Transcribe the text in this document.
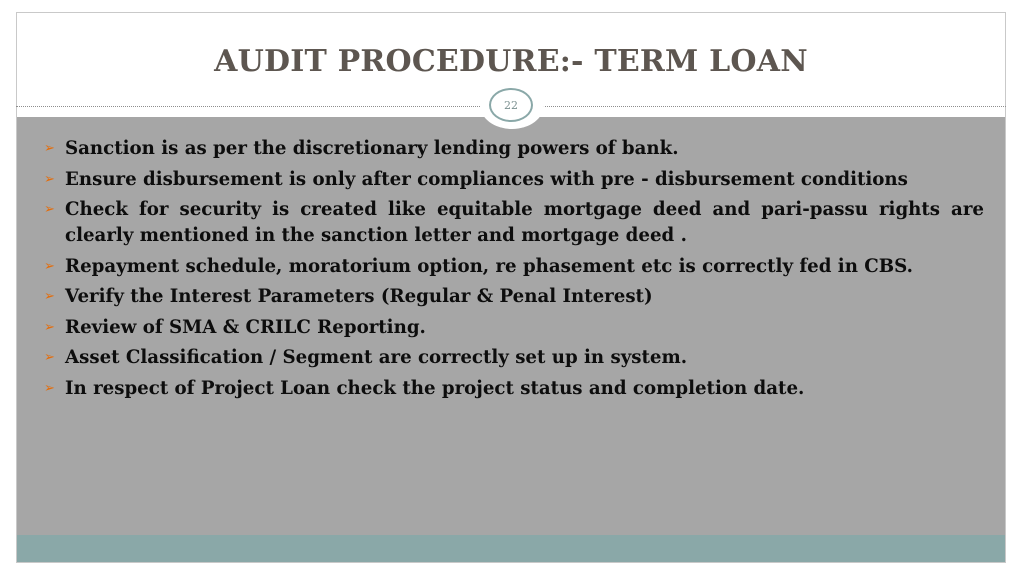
AUDIT PROCEDURE:- TERM LOAN
22
➢ Sanction is as per the discretionary lending powers of bank.
➢ Ensure disbursement is only after compliances with pre - disbursement conditions
➢ Check for security is created like equitable mortgage deed and pari-passu rights are clearly mentioned in the sanction letter and mortgage deed .
➢ Repayment schedule, moratorium option, re phasement etc is correctly fed in CBS.
➢ Verify the Interest Parameters (Regular & Penal Interest)
➢ Review of SMA & CRILC Reporting.
➢ Asset Classification / Segment are correctly set up in system.
➢ In respect of Project Loan check the project status and completion date.
